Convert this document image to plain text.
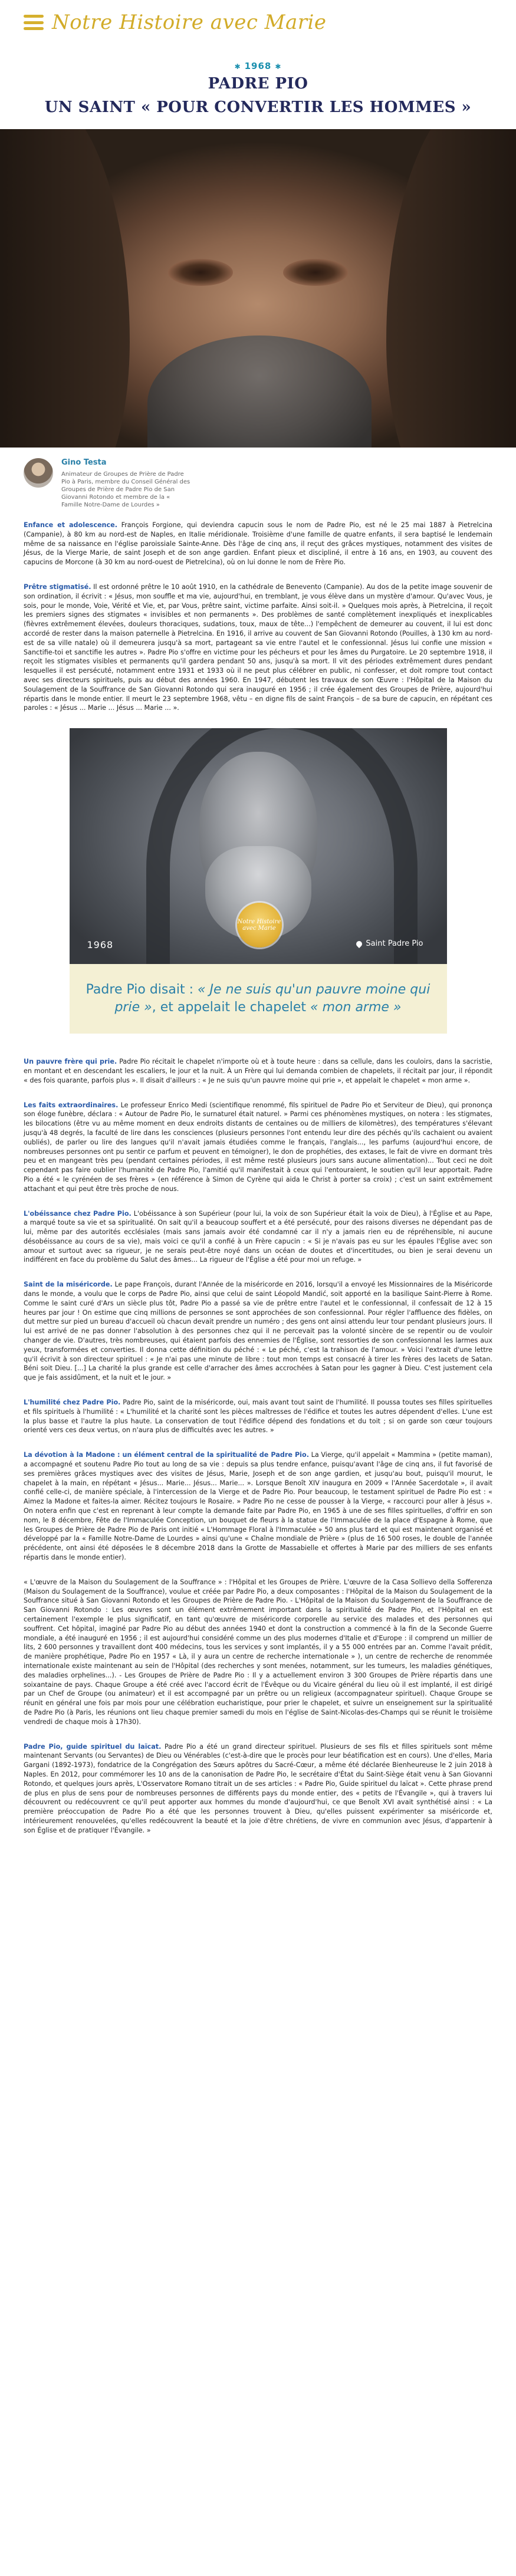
Notre Histoire avec Marie
✱ 1968 ✱
PADRE PIO
UN SAINT « POUR CONVERTIR LES HOMMES »
Gino Testa
Animateur de Groupes de Prière de Padre Pio à Paris, membre du Conseil Général des Groupes de Prière de Padre Pio de San Giovanni Rotondo et membre de la « Famille Notre-Dame de Lourdes »

Enfance et adolescence. François Forgione, qui deviendra capucin sous le nom de Padre Pio, est né le 25 mai 1887 à Pietrelcina (Campanie), à 80 km au nord-est de Naples, en Italie méridionale. Troisième d'une famille de quatre enfants, il sera baptisé le lendemain même de sa naissance en l'église paroissiale Sainte-Anne. Dès l'âge de cinq ans, il reçut des grâces mystiques, notamment des visites de Jésus, de la Vierge Marie, de saint Joseph et de son ange gardien. Enfant pieux et discipliné, il entre à 16 ans, en 1903, au couvent des capucins de Morcone (à 30 km au nord-ouest de Pietrelcina), où on lui donne le nom de Frère Pio.

Prêtre stigmatisé. Il est ordonné prêtre le 10 août 1910, en la cathédrale de Benevento (Campanie). Au dos de la petite image souvenir de son ordination, il écrivit : « Jésus, mon souffle et ma vie, aujourd'hui, en tremblant, je vous élève dans un mystère d'amour. Qu'avec Vous, je sois, pour le monde, Voie, Vérité et Vie, et, par Vous, prêtre saint, victime parfaite. Ainsi soit-il. » Quelques mois après, à Pietrelcina, il reçoit les premiers signes des stigmates « invisibles et non permanents ». Des problèmes de santé complètement inexpliqués et inexplicables (fièvres extrêmement élevées, douleurs thoraciques, sudations, toux, maux de tête...) l'empêchent de demeurer au couvent, il lui est donc accordé de rester dans la maison paternelle à Pietrelcina. En 1916, il arrive au couvent de San Giovanni Rotondo (Pouilles, à 130 km au nord-est de sa ville natale) où il demeurera jusqu'à sa mort, partageant sa vie entre l'autel et le confessionnal. Jésus lui confie une mission « Sanctifie-toi et sanctifie les autres ». Padre Pio s'offre en victime pour les pécheurs et pour les âmes du Purgatoire. Le 20 septembre 1918, il reçoit les stigmates visibles et permanents qu'il gardera pendant 50 ans, jusqu'à sa mort. Il vit des périodes extrêmement dures pendant lesquelles il est persécuté, notamment entre 1931 et 1933 où il ne peut plus célébrer en public, ni confesser, et doit rompre tout contact avec ses directeurs spirituels, puis au début des années 1960. En 1947, débutent les travaux de son Œuvre : l'Hôpital de la Maison du Soulagement de la Souffrance de San Giovanni Rotondo qui sera inauguré en 1956 ; il crée également des Groupes de Prière, aujourd'hui répartis dans le monde entier. Il meurt le 23 septembre 1968, vêtu – en digne fils de saint François – de sa bure de capucin, en répétant ces paroles : « Jésus ... Marie ... Jésus ... Marie ... ».

Notre Histoire avec Marie
1968	Saint Padre Pio
Padre Pio disait : « Je ne suis qu'un pauvre moine qui prie », et appelait le chapelet « mon arme »

Un pauvre frère qui prie. Padre Pio récitait le chapelet n'importe où et à toute heure : dans sa cellule, dans les couloirs, dans la sacristie, en montant et en descendant les escaliers, le jour et la nuit. À un Frère qui lui demanda combien de chapelets, il récitait par jour, il répondit « des fois quarante, parfois plus ». Il disait d'ailleurs : « Je ne suis qu'un pauvre moine qui prie », et appelait le chapelet « mon arme ».

Les faits extraordinaires. Le professeur Enrico Medi (scientifique renommé, fils spirituel de Padre Pio et Serviteur de Dieu), qui prononça son éloge funèbre, déclara : « Autour de Padre Pio, le surnaturel était naturel. » Parmi ces phénomènes mystiques, on notera : les stigmates, les bilocations (être vu au même moment en deux endroits distants de centaines ou de milliers de kilomètres), des températures s'élevant jusqu'à 48 degrés, la faculté de lire dans les consciences (plusieurs personnes l'ont entendu leur dire des péchés qu'ils cachaient ou avaient oubliés), de parler ou lire des langues qu'il n'avait jamais étudiées comme le français, l'anglais..., les parfums (aujourd'hui encore, de nombreuses personnes ont pu sentir ce parfum et peuvent en témoigner), le don de prophéties, des extases, le fait de vivre en dormant très peu et en mangeant très peu (pendant certaines périodes, il est même resté plusieurs jours sans aucune alimentation)... Tout ceci ne doit cependant pas faire oublier l'humanité de Padre Pio, l'amitié qu'il manifestait à ceux qui l'entouraient, le soutien qu'il leur apportait. Padre Pio a été « le cyrénéen de ses frères » (en référence à Simon de Cyrène qui aida le Christ à porter sa croix) ; c'est un saint extrêmement attachant et qui peut être très proche de nous.

L'obéissance chez Padre Pio. L'obéissance à son Supérieur (pour lui, la voix de son Supérieur était la voix de Dieu), à l'Église et au Pape, a marqué toute sa vie et sa spiritualité. On sait qu'il a beaucoup souffert et a été persécuté, pour des raisons diverses ne dépendant pas de lui, même par des autorités ecclésiales (mais sans jamais avoir été condamné car il n'y a jamais rien eu de répréhensible, ni aucune désobéissance au cours de sa vie), mais voici ce qu'il a confié à un Frère capucin : « Si je n'avais pas eu sur les épaules l'Église avec son amour et surtout avec sa rigueur, je ne serais peut-être noyé dans un océan de doutes et d'incertitudes, ou bien je serai devenu un indifférent en face du problème du Salut des âmes... La rigueur de l'Église a été pour moi un refuge. »

Saint de la miséricorde. Le pape François, durant l'Année de la miséricorde en 2016, lorsqu'il a envoyé les Missionnaires de la Miséricorde dans le monde, a voulu que le corps de Padre Pio, ainsi que celui de saint Léopold Mandić, soit apporté en la basilique Saint-Pierre à Rome. Comme le saint curé d'Ars un siècle plus tôt, Padre Pio a passé sa vie de prêtre entre l'autel et le confessionnal, il confessait de 12 à 15 heures par jour ! On estime que cinq millions de personnes se sont approchées de son confessionnal. Pour régler l'affluence des fidèles, on dut mettre sur pied un bureau d'accueil où chacun devait prendre un numéro ; des gens ont ainsi attendu leur tour pendant plusieurs jours. Il lui est arrivé de ne pas donner l'absolution à des personnes chez qui il ne percevait pas la volonté sincère de se repentir ou de vouloir changer de vie. D'autres, très nombreuses, qui étaient parfois des ennemies de l'Église, sont ressorties de son confessionnal les larmes aux yeux, transformées et converties. Il donna cette définition du péché : « Le péché, c'est la trahison de l'amour. » Voici l'extrait d'une lettre qu'il écrivit à son directeur spirituel : « Je n'ai pas une minute de libre : tout mon temps est consacré à tirer les frères des lacets de Satan. Béni soit Dieu. [...] La charité la plus grande est celle d'arracher des âmes accrochées à Satan pour les gagner à Dieu. C'est justement cela que je fais assidûment, et la nuit et le jour. »

L'humilité chez Padre Pio. Padre Pio, saint de la miséricorde, oui, mais avant tout saint de l'humilité. Il poussa toutes ses filles spirituelles et fils spirituels à l'humilité : « L'humilité et la charité sont les pièces maîtresses de l'édifice et toutes les autres dépendent d'elles. L'une est la plus basse et l'autre la plus haute. La conservation de tout l'édifice dépend des fondations et du toit ; si on garde son cœur toujours orienté vers ces deux vertus, on n'aura plus de difficultés avec les autres. »

La dévotion à la Madone : un élément central de la spiritualité de Padre Pio. La Vierge, qu'il appelait « Mammina » (petite maman), a accompagné et soutenu Padre Pio tout au long de sa vie : depuis sa plus tendre enfance, puisqu'avant l'âge de cinq ans, il fut favorisé de ses premières grâces mystiques avec des visites de Jésus, Marie, Joseph et de son ange gardien, et jusqu'au bout, puisqu'il mourut, le chapelet à la main, en répétant « Jésus... Marie... Jésus... Marie... ». Lorsque Benoît XIV inaugura en 2009 « l'Année Sacerdotale », il avait confié celle-ci, de manière spéciale, à l'intercession de la Vierge et de Padre Pio. Pour beaucoup, le testament spirituel de Padre Pio est : « Aimez la Madone et faites-la aimer. Récitez toujours le Rosaire. » Padre Pio ne cesse de pousser à la Vierge, « raccourci pour aller à Jésus ». On notera enfin que c'est en reprenant à leur compte la demande faite par Padre Pio, en 1965 à une de ses filles spirituelles, d'offrir en son nom, le 8 décembre, Fête de l'Immaculée Conception, un bouquet de fleurs à la statue de l'Immaculée de la place d'Espagne à Rome, que les Groupes de Prière de Padre Pio de Paris ont initié « L'Hommage Floral à l'Immaculée » 50 ans plus tard et qui est maintenant organisé et développé par la « Famille Notre-Dame de Lourdes » ainsi qu'une « Chaîne mondiale de Prière » (plus de 16 500 roses, le double de l'année précédente, ont ainsi été déposées le 8 décembre 2018 dans la Grotte de Massabielle et offertes à Marie par des milliers de ses enfants répartis dans le monde entier).

« L'œuvre de la Maison du Soulagement de la Souffrance » : l'Hôpital et les Groupes de Prière. L'œuvre de la Casa Sollievo della Sofferenza (Maison du Soulagement de la Souffrance), voulue et créée par Padre Pio, a deux composantes : l'Hôpital de la Maison du Soulagement de la Souffrance situé à San Giovanni Rotondo et les Groupes de Prière de Padre Pio. - L'Hôpital de la Maison du Soulagement de la Souffrance de San Giovanni Rotondo : Les œuvres sont un élément extrêmement important dans la spiritualité de Padre Pio, et l'Hôpital en est certainement l'exemple le plus significatif, en tant qu'œuvre de miséricorde corporelle au service des malades et des personnes qui souffrent. Cet hôpital, imaginé par Padre Pio au début des années 1940 et dont la construction a commencé à la fin de la Seconde Guerre mondiale, a été inauguré en 1956 ; il est aujourd'hui considéré comme un des plus modernes d'Italie et d'Europe : il comprend un millier de lits, 2 600 personnes y travaillent dont 400 médecins, tous les services y sont implantés, il y a 55 000 entrées par an. Comme l'avait prédit, de manière prophétique, Padre Pio en 1957 « Là, il y aura un centre de recherche internationale » ), un centre de recherche de renommée internationale existe maintenant au sein de l'Hôpital (des recherches y sont menées, notamment, sur les tumeurs, les maladies génétiques, des maladies orphelines...). - Les Groupes de Prière de Padre Pio : Il y a actuellement environ 3 300 Groupes de Prière répartis dans une soixantaine de pays. Chaque Groupe a été créé avec l'accord écrit de l'Évêque ou du Vicaire général du lieu où il est implanté, il est dirigé par un Chef de Groupe (ou animateur) et il est accompagné par un prêtre ou un religieux (accompagnateur spirituel). Chaque Groupe se réunit en général une fois par mois pour une célébration eucharistique, pour prier le chapelet, et suivre un enseignement sur la spiritualité de Padre Pio (à Paris, les réunions ont lieu chaque premier samedi du mois en l'église de Saint-Nicolas-des-Champs qui se réunit le troisième vendredi de chaque mois à 17h30).

Padre Pio, guide spirituel du laïcat. Padre Pio a été un grand directeur spirituel. Plusieurs de ses fils et filles spirituels sont même maintenant Servants (ou Servantes) de Dieu ou Vénérables (c'est-à-dire que le procès pour leur béatification est en cours). Une d'elles, Maria Gargani (1892-1973), fondatrice de la Congrégation des Sœurs apôtres du Sacré-Cœur, a même été déclarée Bienheureuse le 2 juin 2018 à Naples. En 2012, pour commémorer les 10 ans de la canonisation de Padre Pio, le secrétaire d'État du Saint-Siège était venu à San Giovanni Rotondo, et quelques jours après, L'Osservatore Romano titrait un de ses articles : « Padre Pio, Guide spirituel du laïcat ». Cette phrase prend de plus en plus de sens pour de nombreuses personnes de différents pays du monde entier, des « petits de l'Évangile », qui à travers lui découvrent ou redécouvrent ce qu'il peut apporter aux hommes du monde d'aujourd'hui, ce que Benoît XVI avait synthétisé ainsi : « La première préoccupation de Padre Pio a été que les personnes trouvent à Dieu, qu'elles puissent expérimenter sa miséricorde et, intérieurement renouvelées, qu'elles redécouvrent la beauté et la joie d'être chrétiens, de vivre en communion avec Jésus, d'appartenir à son Église et de pratiquer l'Évangile. »
